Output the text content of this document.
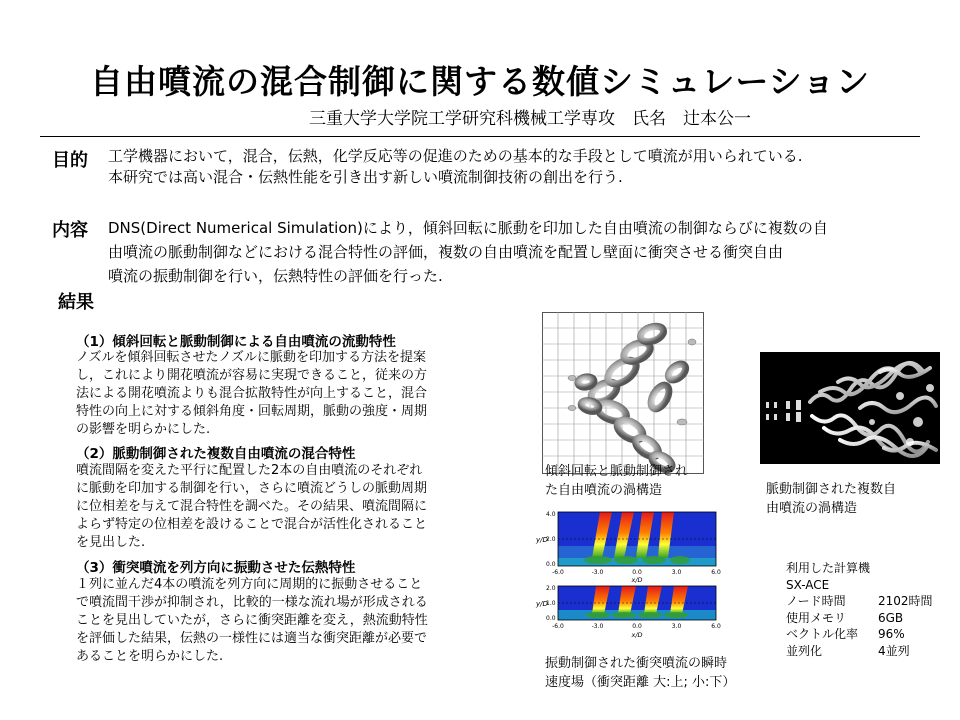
自由噴流の混合制御に関する数値シミュレーション
三重大学大学院工学研究科機械工学専攻　氏名　辻本公一
目的 工学機器において，混合，伝熱，化学反応等の促進のための基本的な手段として噴流が用いられている.
本研究では高い混合・伝熱性能を引き出す新しい噴流制御技術の創出を行う.
内容 DNS(Direct Numerical Simulation)により，傾斜回転に脈動を印加した自由噴流の制御ならびに複数の自
由噴流の脈動制御などにおける混合特性の評価，複数の自由噴流を配置し壁面に衝突させる衝突自由
噴流の振動制御を行い，伝熱特性の評価を行った.
結果
（1）傾斜回転と脈動制御による自由噴流の流動特性
ノズルを傾斜回転させたノズルに脈動を印加する方法を提案
し，これにより開花噴流が容易に実現できること，従来の方
法による開花噴流よりも混合拡散特性が向上すること，混合
特性の向上に対する傾斜角度・回転周期，脈動の強度・周期
の影響を明らかにした.
（2）脈動制御された複数自由噴流の混合特性
噴流間隔を変えた平行に配置した2本の自由噴流のそれぞれ
に脈動を印加する制御を行い，さらに噴流どうしの脈動周期
に位相差を与えて混合特性を調べた。その結果、噴流間隔に
よらず特定の位相差を設けることで混合が活性化されること
を見出した.
（3）衝突噴流を列方向に振動させた伝熱特性
１列に並んだ4本の噴流を列方向に周期的に振動させること
で噴流間干渉が抑制され，比較的一様な流れ場が形成される
ことを見出していたが，さらに衝突距離を変え，熱流動特性
を評価した結果，伝熱の一様性には適当な衝突距離が必要で
あることを明らかにした.
傾斜回転と脈動制御され
た自由噴流の渦構造	脈動制御された複数自
由噴流の渦構造
y/D
4.0
2.0
0.0
-6.0	-3.0	0.0	3.0	6.0
x/D
y/D
2.0
1.0
0.0
-6.0	-3.0	0.0	3.0	6.0
x/D
振動制御された衝突噴流の瞬時
速度場（衝突距離 大:上; 小:下）
利用した計算機
SX-ACE
ノード時間	2102時間
使用メモリ	6GB
ベクトル化率	96%
並列化	4並列
